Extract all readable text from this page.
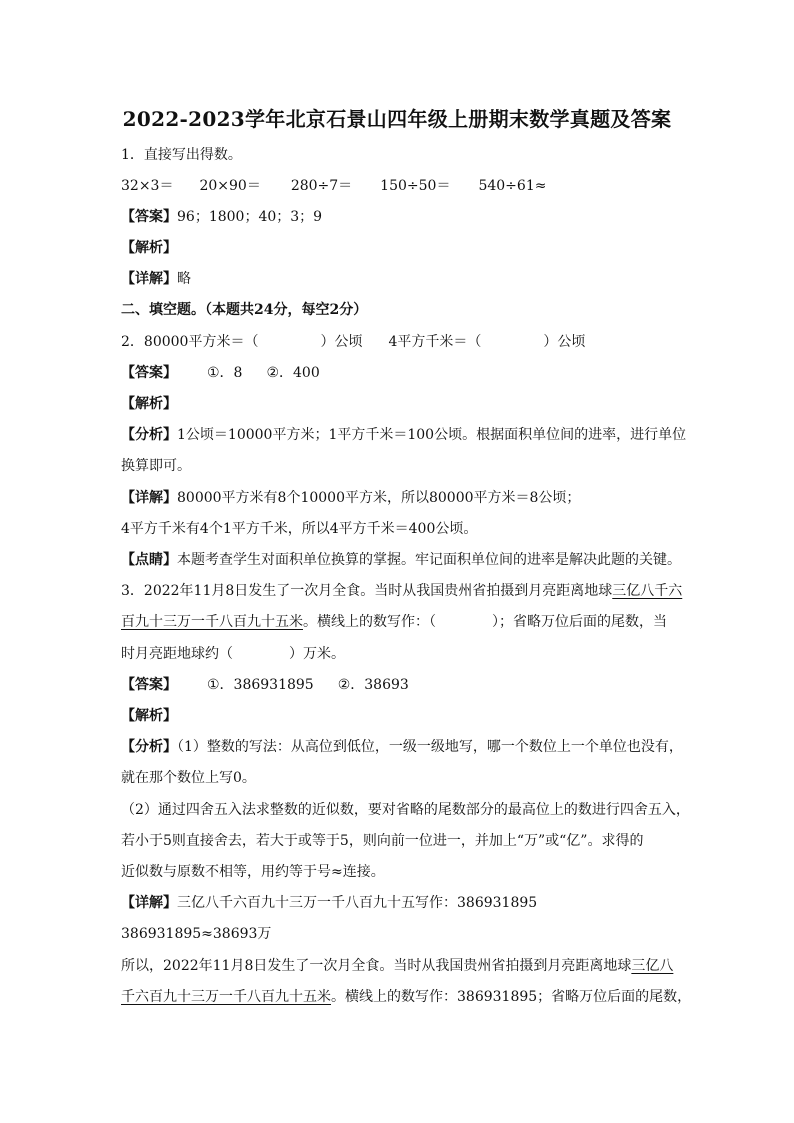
2022-2023学年北京石景山四年级上册期末数学真题及答案
1．直接写出得数。
32×3＝ 20×90＝ 280÷7＝ 150÷50＝ 540÷61≈
【答案】96；1800；40；3；9
【解析】
【详解】略
二、填空题。（本题共24分，每空2分）
2．80000平方米＝（	）公顷 4平方千米＝（	）公顷
【答案】 ①．8 ②．400
【解析】
【分析】1公顷＝10000平方米；1平方千米＝100公顷。根据面积单位间的进率，进行单位
换算即可。
【详解】80000平方米有8个10000平方米，所以80000平方米＝8公顷；
4平方千米有4个1平方千米，所以4平方千米＝400公顷。
【点睛】本题考查学生对面积单位换算的掌握。牢记面积单位间的进率是解决此题的关键。
3．2022年11月8日发生了一次月全食。当时从我国贵州省拍摄到月亮距离地球三亿八千六
百九十三万一千八百九十五米。横线上的数写作：（	）；省略万位后面的尾数，当
时月亮距地球约（	）万米。
【答案】 ①．386931895 ②．38693
【解析】
【分析】（1）整数的写法：从高位到低位，一级一级地写，哪一个数位上一个单位也没有，
就在那个数位上写0。
（2）通过四舍五入法求整数的近似数，要对省略的尾数部分的最高位上的数进行四舍五入，
若小于5则直接舍去，若大于或等于5，则向前一位进一，并加上“万”或“亿”。求得的
近似数与原数不相等，用约等于号≈连接。
【详解】三亿八千六百九十三万一千八百九十五写作：386931895
386931895≈38693万
所以，2022年11月8日发生了一次月全食。当时从我国贵州省拍摄到月亮距离地球三亿八
千六百九十三万一千八百九十五米。横线上的数写作：386931895；省略万位后面的尾数，
